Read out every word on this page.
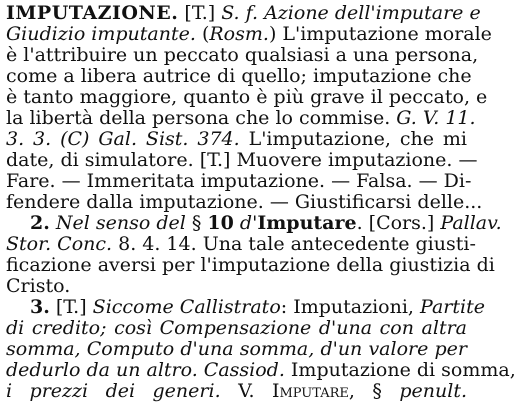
IMPUTAZIONE. [T.] S. f. Azione dell'imputare e
Giudizio imputante. (Rosm.) L'imputazione morale
è l'attribuire un peccato qualsiasi a una persona,
come a libera autrice di quello; imputazione che
è tanto maggiore, quanto è più grave il peccato, e
la libertà della persona che lo commise. G. V. 11.
3. 3. (C) Gal. Sist. 374. L'imputazione, che mi
date, di simulatore. [T.] Muovere imputazione. —
Fare. — Immeritata imputazione. — Falsa. — Di-
fendere dalla imputazione. — Giustificarsi delle...
2. Nel senso del § 10 d'Imputare. [Cors.] Pallav.
Stor. Conc. 8. 4. 14. Una tale antecedente giusti-
ficazione aversi per l'imputazione della giustizia di
Cristo.
3. [T.] Siccome Callistrato: Imputazioni, Partite
di credito; così Compensazione d'una con altra
somma, Computo d'una somma, d'un valore per
dedurlo da un altro. Cassiod. Imputazione di somma,
i prezzi dei generi. V. Imputare, § penult.
